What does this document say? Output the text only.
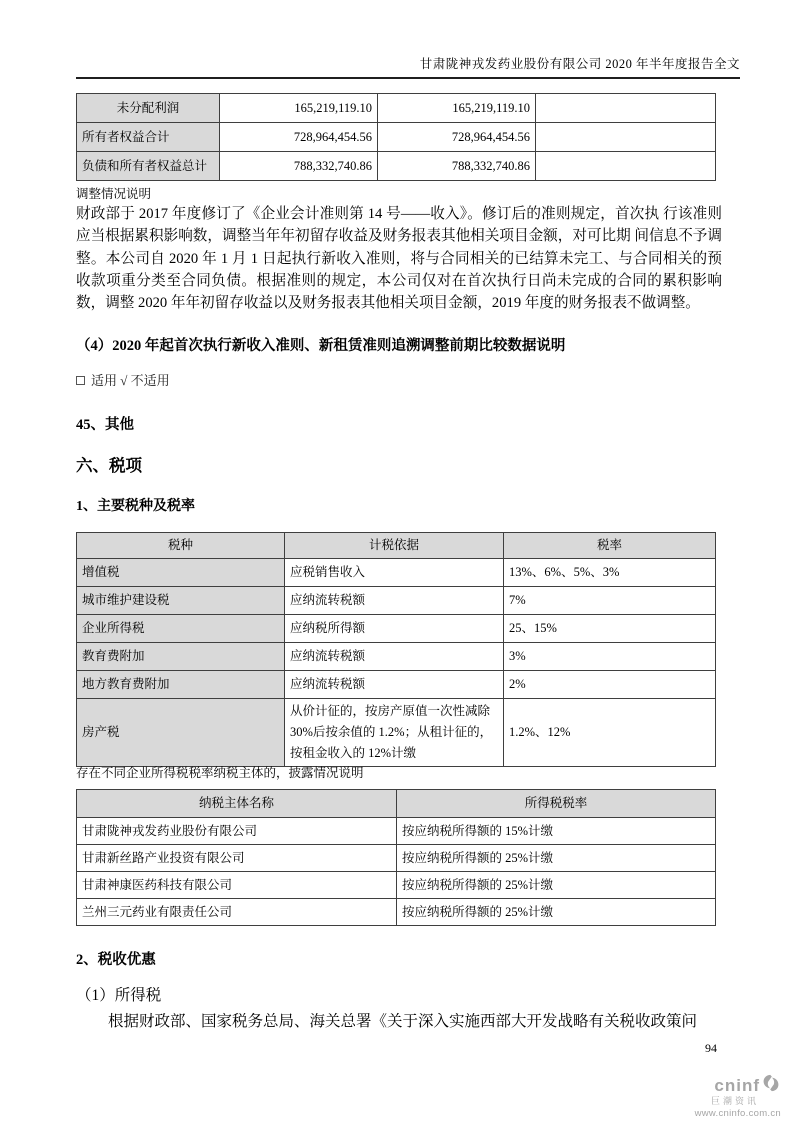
甘肃陇神戎发药业股份有限公司 2020 年半年度报告全文
未分配利润	165,219,119.10	165,219,119.10	
所有者权益合计	728,964,454.56	728,964,454.56	
负债和所有者权益总计	788,332,740.86	788,332,740.86	
调整情况说明
财政部于 2017 年度修订了《企业会计准则第 14 号——收入》。修订后的准则规定，首次执 行该准则应当根据累积影响数，调整当年年初留存收益及财务报表其他相关项目金额，对可比期 间信息不予调整。本公司自 2020 年 1 月 1 日起执行新收入准则，将与合同相关的已结算未完工、与合同相关的预收款项重分类至合同负债。根据准则的规定，本公司仅对在首次执行日尚未完成的合同的累积影响数，调整 2020 年年初留存收益以及财务报表其他相关项目金额，2019 年度的财务报表不做调整。
（4）2020 年起首次执行新收入准则、新租赁准则追溯调整前期比较数据说明
适用 √ 不适用
45、其他
六、税项
1、主要税种及税率
税种	计税依据	税率
增值税	应税销售收入	13%、6%、5%、3%
城市维护建设税	应纳流转税额	7%
企业所得税	应纳税所得额	25、15%
教育费附加	应纳流转税额	3%
地方教育费附加	应纳流转税额	2%
房产税	从价计征的，按房产原值一次性减除 30%后按余值的 1.2%；从租计征的，按租金收入的 12%计缴	1.2%、12%
存在不同企业所得税税率纳税主体的，披露情况说明
纳税主体名称	所得税税率
甘肃陇神戎发药业股份有限公司	按应纳税所得额的 15%计缴
甘肃新丝路产业投资有限公司	按应纳税所得额的 25%计缴
甘肃神康医药科技有限公司	按应纳税所得额的 25%计缴
兰州三元药业有限责任公司	按应纳税所得额的 25%计缴
2、税收优惠
（1）所得税
根据财政部、国家税务总局、海关总署《关于深入实施西部大开发战略有关税收政策问
94
cninf
巨潮资讯
www.cninfo.com.cn
